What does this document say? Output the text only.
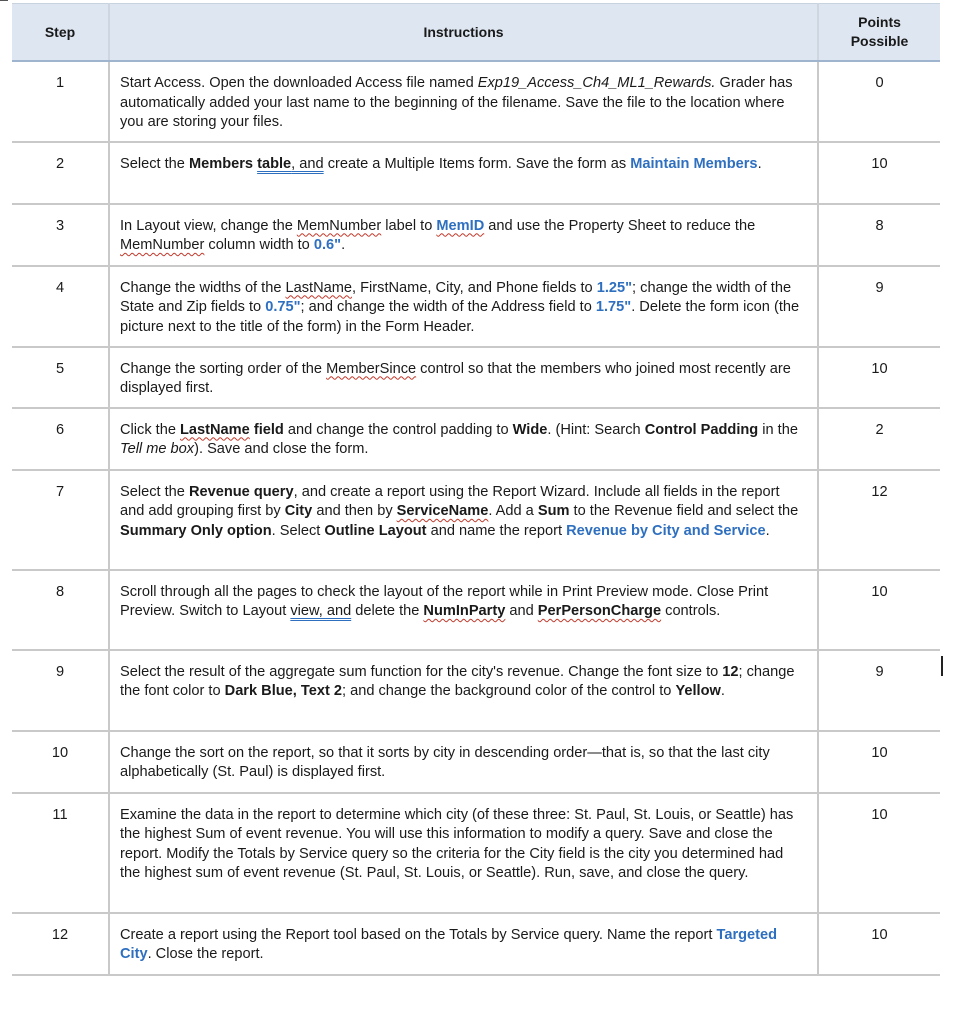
Step	Instructions	Points
Possible
1	Start Access. Open the downloaded Access file named Exp19_Access_Ch4_ML1_Rewards. Grader has automatically added your last name to the beginning of the filename. Save the file to the location where you are storing your files.	0
2	Select the Members table, and create a Multiple Items form. Save the form as Maintain Members.	10
3	In Layout view, change the MemNumber label to MemID and use the Property Sheet to reduce the MemNumber column width to 0.6".	8
4	Change the widths of the LastName, FirstName, City, and Phone fields to 1.25"; change the width of the State and Zip fields to 0.75"; and change the width of the Address field to 1.75". Delete the form icon (the picture next to the title of the form) in the Form Header.	9
5	Change the sorting order of the MemberSince control so that the members who joined most recently are displayed first.	10
6	Click the LastName field and change the control padding to Wide. (Hint: Search Control Padding in the Tell me box). Save and close the form.	2
7	Select the Revenue query, and create a report using the Report Wizard. Include all fields in the report and add grouping first by City and then by ServiceName. Add a Sum to the Revenue field and select the Summary Only option. Select Outline Layout and name the report Revenue by City and Service.	12
8	Scroll through all the pages to check the layout of the report while in Print Preview mode. Close Print Preview. Switch to Layout view, and delete the NumInParty and PerPersonCharge controls.	10
9	Select the result of the aggregate sum function for the city's revenue. Change the font size to 12; change the font color to Dark Blue, Text 2; and change the background color of the control to Yellow.	9
10	Change the sort on the report, so that it sorts by city in descending order—that is, so that the last city alphabetically (St. Paul) is displayed first.	10
11	Examine the data in the report to determine which city (of these three: St. Paul, St. Louis, or Seattle) has the highest Sum of event revenue. You will use this information to modify a query. Save and close the report. Modify the Totals by Service query so the criteria for the City field is the city you determined had the highest sum of event revenue (St. Paul, St. Louis, or Seattle). Run, save, and close the query.	10
12	Create a report using the Report tool based on the Totals by Service query. Name the report Targeted City. Close the report.	10
